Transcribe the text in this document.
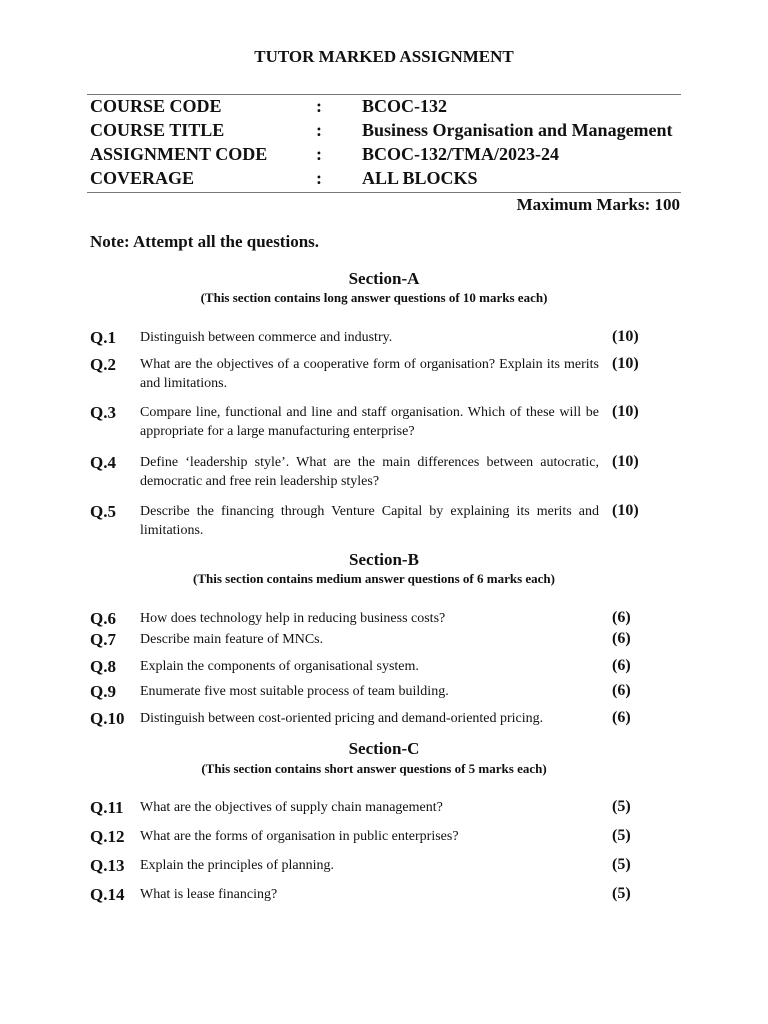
TUTOR MARKED ASSIGNMENT
COURSE CODE	: BCOC-132
COURSE TITLE	: Business Organisation and Management
ASSIGNMENT CODE	: BCOC-132/TMA/2023-24
COVERAGE	: ALL BLOCKS
Maximum Marks: 100
Note: Attempt all the questions.
Section-A
(This section contains long answer questions of 10 marks each)
Q.1 Distinguish between commerce and industry.	(10)
Q.2 What are the objectives of a cooperative form of organisation? Explain its merits and limitations.
(10)
Q.3 Compare line, functional and line and staff organisation. Which of these will be appropriate for a large manufacturing enterprise?
(10)
Q.4 Define ‘leadership style’. What are the main differences between autocratic, democratic and free rein leadership styles?
(10)
Q.5 Describe the financing through Venture Capital by explaining its merits and limitations.
(10)
Section-B
(This section contains medium answer questions of 6 marks each)
Q.6 How does technology help in reducing business costs?	(6)
Q.7 Describe main feature of MNCs.	(6)
Q.8 Explain the components of organisational system.	(6)
Q.9 Enumerate five most suitable process of team building.	(6)
Q.10 Distinguish between cost-oriented pricing and demand-oriented pricing.	(6)
Section-C
(This section contains short answer questions of 5 marks each)
Q.11 What are the objectives of supply chain management?	(5)
Q.12 What are the forms of organisation in public enterprises?	(5)
Q.13 Explain the principles of planning.	(5)
Q.14 What is lease financing?	(5)
